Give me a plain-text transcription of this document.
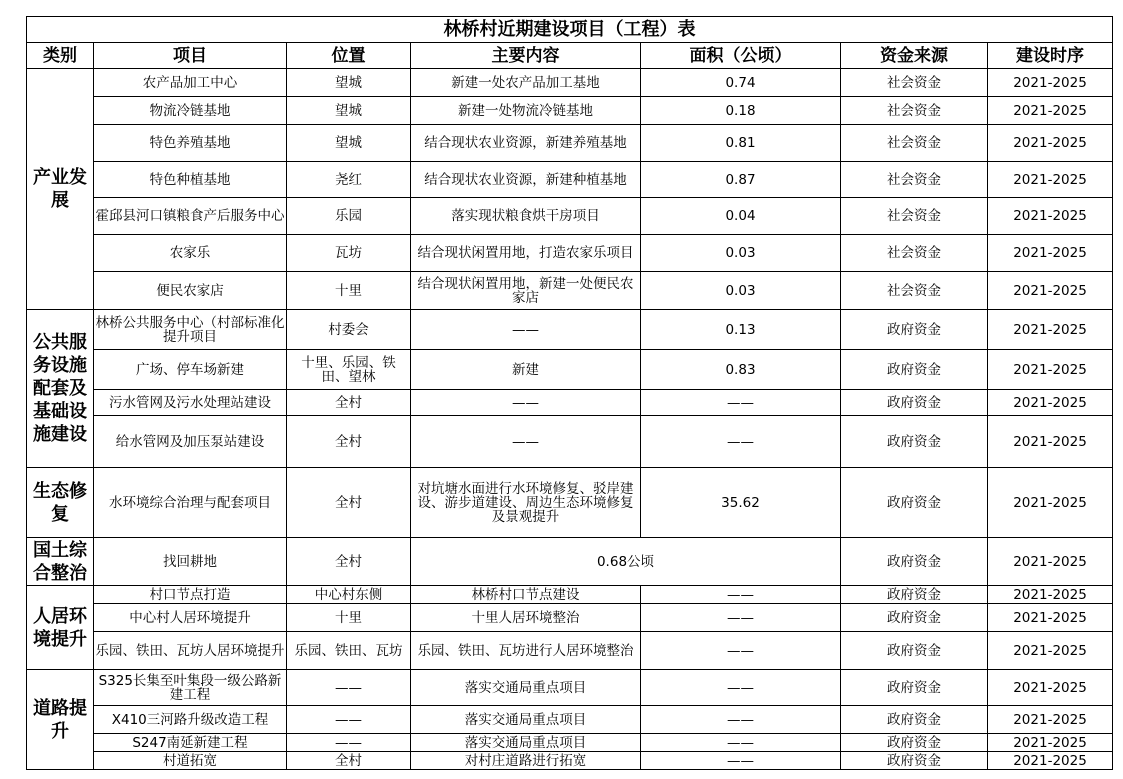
林桥村近期建设项目（工程）表						
类别	项目	位置	主要内容	面积（公顷）	资金来源	建设时序
产业发展	农产品加工中心	望城	新建一处农产品加工基地	0.74	社会资金	2021-2025
	物流冷链基地	望城	新建一处物流冷链基地	0.18	社会资金	2021-2025
	特色养殖基地	望城	结合现状农业资源，新建养殖基地	0.81	社会资金	2021-2025
	特色种植基地	尧红	结合现状农业资源，新建种植基地	0.87	社会资金	2021-2025
	霍邱县河口镇粮食产后服务中心	乐园	落实现状粮食烘干房项目	0.04	社会资金	2021-2025
	农家乐	瓦坊	结合现状闲置用地，打造农家乐项目	0.03	社会资金	2021-2025
	便民农家店	十里	结合现状闲置用地，新建一处便民农家店	0.03	社会资金	2021-2025
公共服务设施配套及基础设施建设	林桥公共服务中心（村部标准化提升项目	村委会	——	0.13	政府资金	2021-2025
	广场、停车场新建	十里、乐园、铁田、望林	新建	0.83	政府资金	2021-2025
	污水管网及污水处理站建设	全村	——	——	政府资金	2021-2025
	给水管网及加压泵站建设	全村	——	——	政府资金	2021-2025
生态修复	水环境综合治理与配套项目	全村	对坑塘水面进行水环境修复、驳岸建设、游步道建设、周边生态环境修复及景观提升	35.62	政府资金	2021-2025
国土综合整治	找回耕地	全村	0.68公顷		政府资金	2021-2025
人居环境提升	村口节点打造	中心村东侧	林桥村口节点建设	——	政府资金	2021-2025
	中心村人居环境提升	十里	十里人居环境整治	——	政府资金	2021-2025
	乐园、铁田、瓦坊人居环境提升	乐园、铁田、瓦坊	乐园、铁田、瓦坊进行人居环境整治	——	政府资金	2021-2025
道路提升	S325长集至叶集段一级公路新建工程	——	落实交通局重点项目	——	政府资金	2021-2025
	X410三河路升级改造工程	——	落实交通局重点项目	——	政府资金	2021-2025
	S247南延新建工程	——	落实交通局重点项目	——	政府资金	2021-2025
	村道拓宽	全村	对村庄道路进行拓宽	——	政府资金	2021-2025
